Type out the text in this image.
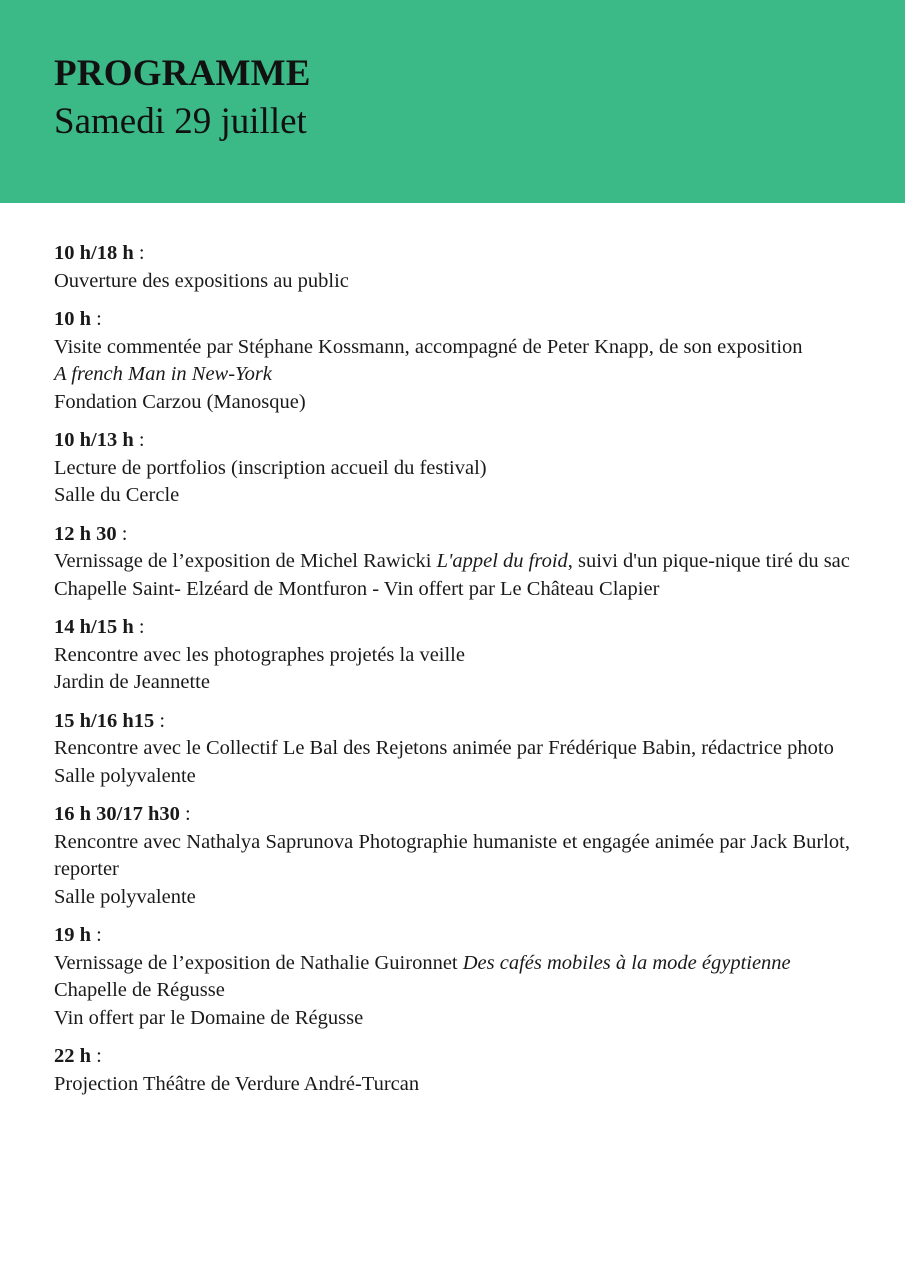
PROGRAMME
Samedi 29 juillet
10 h/18 h :
Ouverture des expositions au public
10 h :
Visite commentée par Stéphane Kossmann, accompagné de Peter Knapp, de son exposition
A french Man in New-York
Fondation Carzou (Manosque)
10 h/13 h :
Lecture de portfolios (inscription accueil du festival)
Salle du Cercle
12 h 30 :
Vernissage de l’exposition de Michel Rawicki L'appel du froid, suivi d'un pique-nique tiré du sac
Chapelle Saint- Elzéard de Montfuron - Vin offert par Le Château Clapier
14 h/15 h :
Rencontre avec les photographes projetés la veille
Jardin de Jeannette
15 h/16 h15 :
Rencontre avec le Collectif Le Bal des Rejetons animée par Frédérique Babin, rédactrice photo
Salle polyvalente
16 h 30/17 h30 :
Rencontre avec Nathalya Saprunova Photographie humaniste et engagée animée par Jack Burlot, reporter
Salle polyvalente
19 h :
Vernissage de l’exposition de Nathalie Guironnet Des cafés mobiles à la mode égyptienne
Chapelle de Régusse
Vin offert par le Domaine de Régusse
22 h :
Projection Théâtre de Verdure André-Turcan
